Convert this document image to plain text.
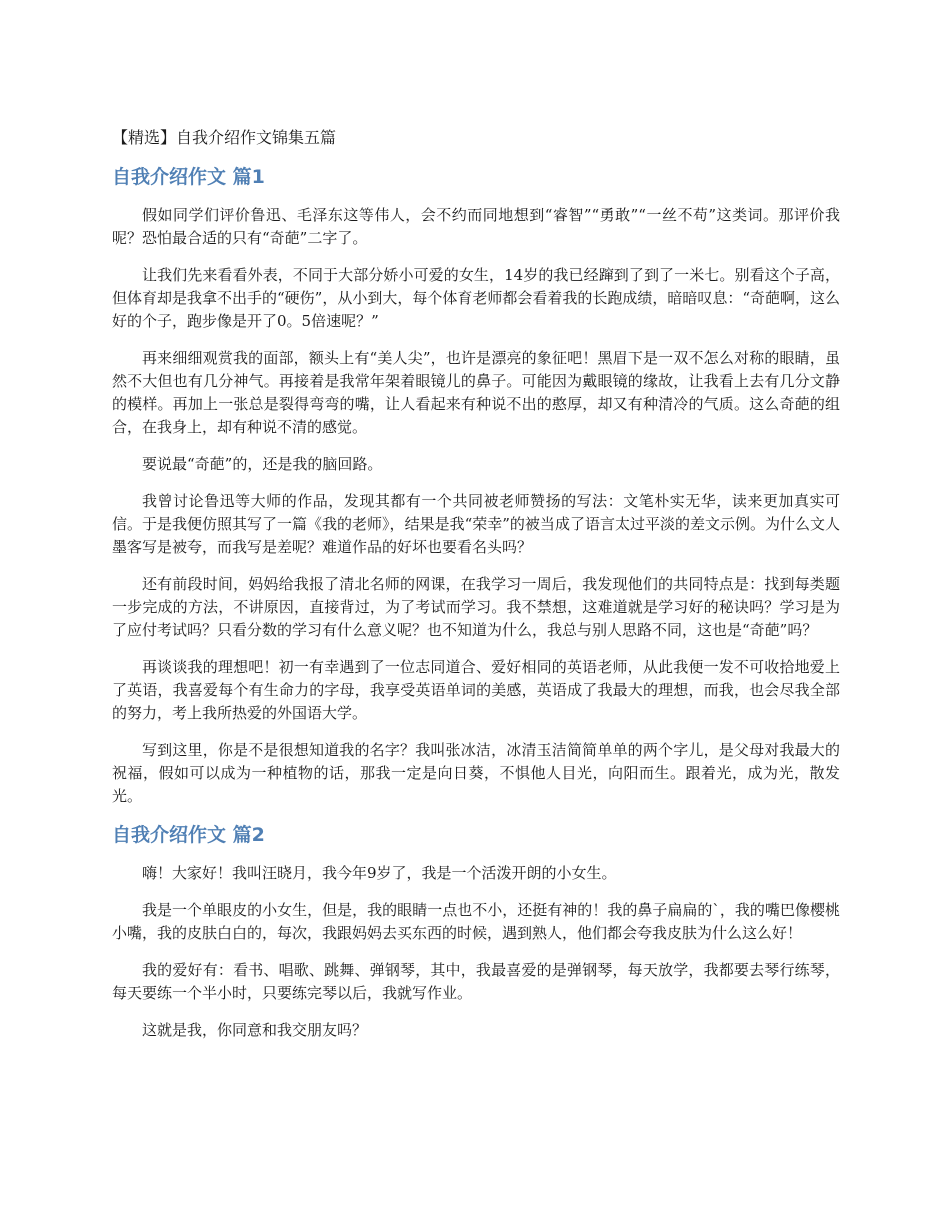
【精选】自我介绍作文锦集五篇
自我介绍作文 篇1

假如同学们评价鲁迅、毛泽东这等伟人，会不约而同地想到“睿智”“勇敢”“一丝不苟”这类词。那评价我呢？恐怕最合适的只有“奇葩”二字了。

让我们先来看看外表，不同于大部分娇小可爱的女生，14岁的我已经蹿到了到了一米七。别看这个子高，但体育却是我拿不出手的“硬伤”，从小到大，每个体育老师都会看着我的长跑成绩，暗暗叹息：“奇葩啊，这么好的个子，跑步像是开了0。5倍速呢？”

再来细细观赏我的面部，额头上有“美人尖”，也许是漂亮的象征吧！黑眉下是一双不怎么对称的眼睛，虽然不大但也有几分神气。再接着是我常年架着眼镜儿的鼻子。可能因为戴眼镜的缘故，让我看上去有几分文静的模样。再加上一张总是裂得弯弯的嘴，让人看起来有种说不出的憨厚，却又有种清冷的气质。这么奇葩的组合，在我身上，却有种说不清的感觉。

要说最“奇葩”的，还是我的脑回路。

我曾讨论鲁迅等大师的作品，发现其都有一个共同被老师赞扬的写法：文笔朴实无华，读来更加真实可信。于是我便仿照其写了一篇《我的老师》，结果是我“荣幸”的被当成了语言太过平淡的差文示例。为什么文人墨客写是被夸，而我写是差呢？难道作品的好坏也要看名头吗？

还有前段时间，妈妈给我报了清北名师的网课，在我学习一周后，我发现他们的共同特点是：找到每类题一步完成的方法，不讲原因，直接背过，为了考试而学习。我不禁想，这难道就是学习好的秘诀吗？学习是为了应付考试吗？只看分数的学习有什么意义呢？也不知道为什么，我总与别人思路不同，这也是“奇葩”吗？

再谈谈我的理想吧！初一有幸遇到了一位志同道合、爱好相同的英语老师，从此我便一发不可收拾地爱上了英语，我喜爱每个有生命力的字母，我享受英语单词的美感，英语成了我最大的理想，而我，也会尽我全部的努力，考上我所热爱的外国语大学。

写到这里，你是不是很想知道我的名字？我叫张冰洁，冰清玉洁简简单单的两个字儿，是父母对我最大的祝福，假如可以成为一种植物的话，那我一定是向日葵，不惧他人目光，向阳而生。跟着光，成为光，散发光。

自我介绍作文 篇2

嗨！大家好！我叫汪晓月，我今年9岁了，我是一个活泼开朗的小女生。

我是一个单眼皮的小女生，但是，我的眼睛一点也不小，还挺有神的！我的鼻子扁扁的`，我的嘴巴像樱桃小嘴，我的皮肤白白的，每次，我跟妈妈去买东西的时候，遇到熟人，他们都会夸我皮肤为什么这么好！

我的爱好有：看书、唱歌、跳舞、弹钢琴，其中，我最喜爱的是弹钢琴，每天放学，我都要去琴行练琴，每天要练一个半小时，只要练完琴以后，我就写作业。

这就是我，你同意和我交朋友吗？
